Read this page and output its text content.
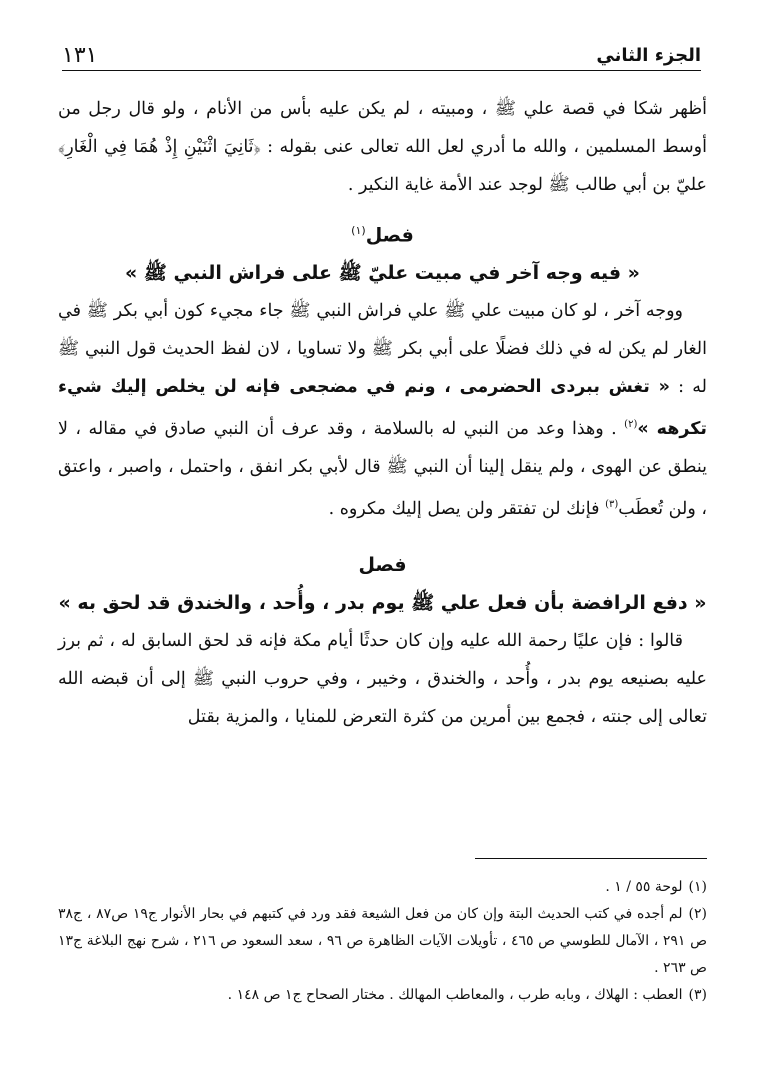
الجزء الثاني
١٣١

أظهر شكا في قصة علي ﷺ ، ومبيته ، لم يكن عليه بأس من الأنام ، ولو قال رجل من أوسط المسلمين ، والله ما أدري لعل الله تعالى عنى بقوله : ﴿ثَانِيَ اثْنَيْنِ إِذْ هُمَا فِي الْغَارِ﴾ عليّ بن أبي طالب ﷺ لوجد عند الأمة غاية النكير .

فصل$^{(١)}$

« فيه وجه آخر في مبيت عليّ ﷺ على فراش النبي ﷺ »

ووجه آخر ، لو كان مبيت علي ﷺ علي فراش النبي ﷺ جاء مجيء كون أبي بكر ﷺ في الغار لم يكن له في ذلك فضلًا على أبي بكر ﷺ ولا تساويا ، لان لفظ الحديث قول النبي ﷺ له : « تغش ببردى الحضرمى ، ونم في مضجعى فإنه لن يخلص إليك شيء تكرهه »$^{(٢)}$ . وهذا وعد من النبي له بالسلامة ، وقد عرف أن النبي صادق في مقاله ، لا ينطق عن الهوى ، ولم ينقل إلينا أن النبي ﷺ قال لأبي بكر انفق ، واحتمل ، واصبر ، واعتق ، ولن تُعطَب$^{(٣)}$ فإنك لن تفتقر ولن يصل إليك مكروه .

فصل

« دفع الرافضة بأن فعل علي ﷺ يوم بدر ، وأُحد ، والخندق قد لحق به »

قالوا : فإن عليًا رحمة الله عليه وإن كان حدثًا أيام مكة فإنه قد لحق السابق له ، ثم برز عليه بصنيعه يوم بدر ، وأُحد ، والخندق ، وخيبر ، وفي حروب النبي ﷺ إلى أن قبضه الله تعالى إلى جنته ، فجمع بين أمرين من كثرة التعرض للمنايا ، والمزية بقتل

(١)لوحة ٥٥ / ١ .

(٢)لم أجده في كتب الحديث البتة وإن كان من فعل الشيعة فقد ورد في كتبهم في بحار الأنوار ج١٩ ص٨٧ ، ج٣٨ ص ٢٩١ ، الآمال للطوسي ص ٤٦٥ ، تأويلات الآيات الظاهرة ص ٩٦ ، سعد السعود ص ٢١٦ ، شرح نهج البلاغة ج١٣ ص ٢٦٣ .

(٣)العطب : الهلاك ، وبابه طرب ، والمعاطب المهالك . مختار الصحاح ج١ ص ١٤٨ .
